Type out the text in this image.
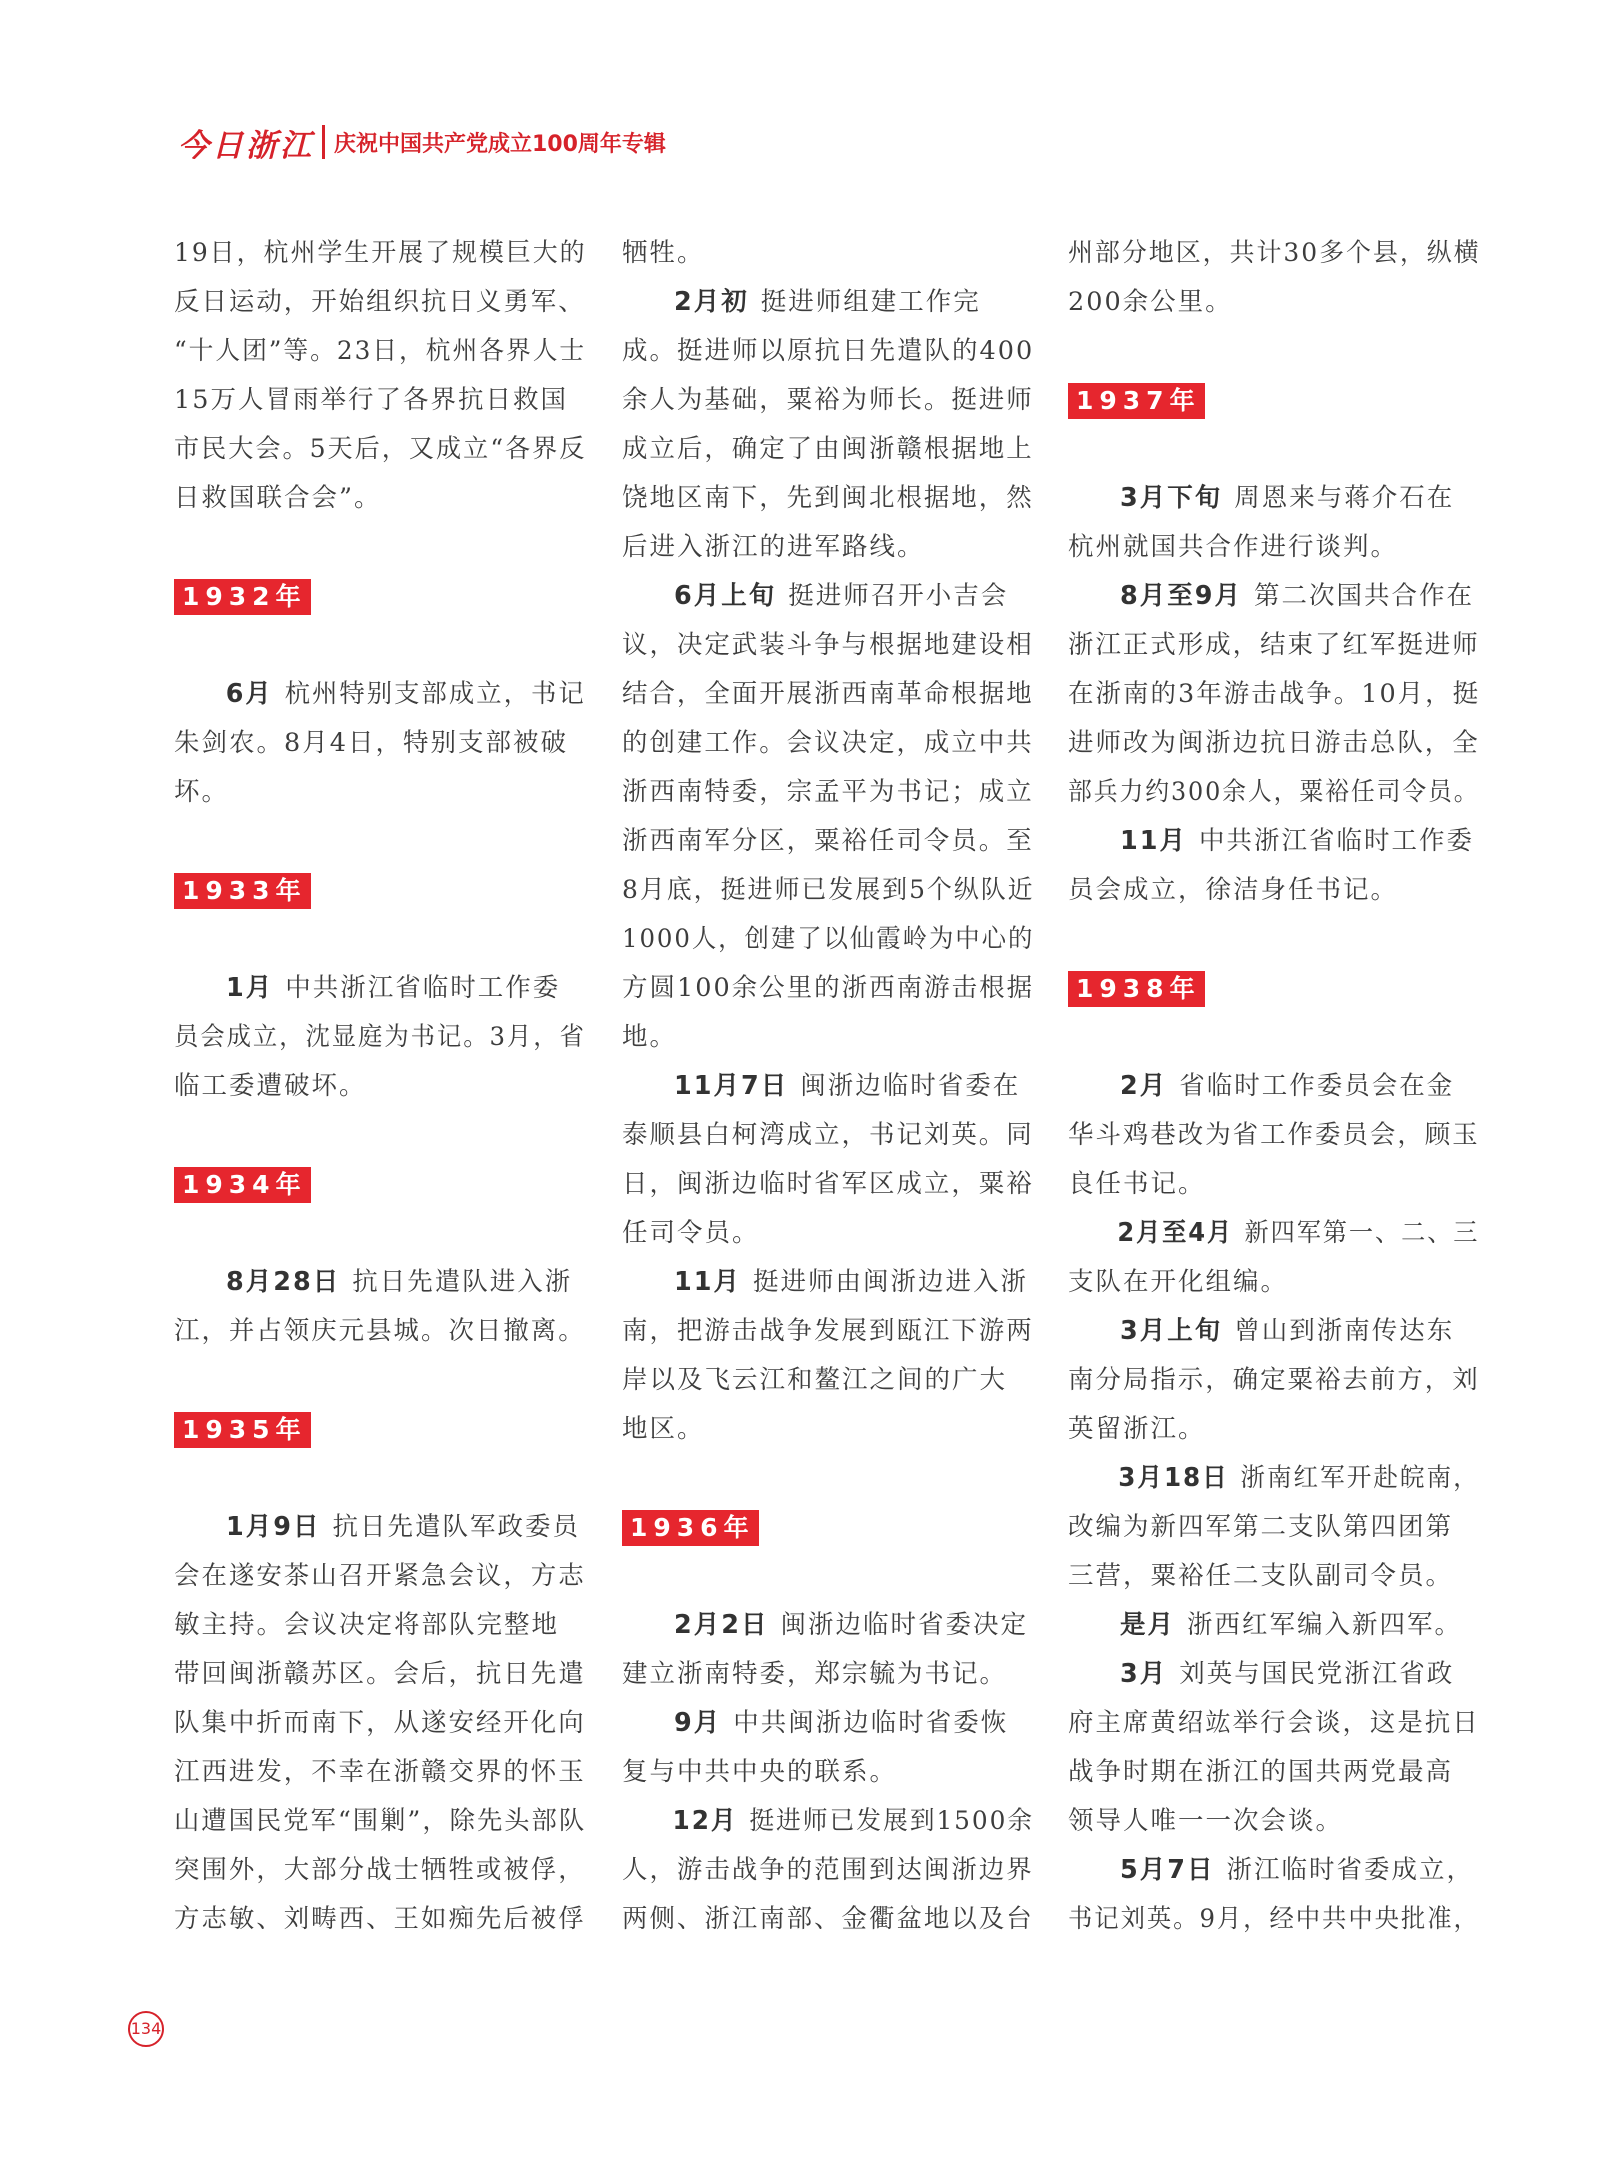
今日浙江 庆祝中国共产党成立100周年专辑
19日，杭州学生开展了规模巨大的
反日运动，开始组织抗日义勇军、
“十人团”等。23日，杭州各界人士
15万人冒雨举行了各界抗日救国
市民大会。5天后，又成立“各界反
日救国联合会”。
1932年
6月 杭州特别支部成立，书记
朱剑农。8月4日，特别支部被破
坏。
1933年
1月 中共浙江省临时工作委
员会成立，沈显庭为书记。3月，省
临工委遭破坏。
1934年
8月28日 抗日先遣队进入浙
江，并占领庆元县城。次日撤离。
1935年
1月9日 抗日先遣队军政委员
会在遂安茶山召开紧急会议，方志
敏主持。会议决定将部队完整地
带回闽浙赣苏区。会后，抗日先遣
队集中折而南下，从遂安经开化向
江西进发，不幸在浙赣交界的怀玉
山遭国民党军“围剿”，除先头部队
突围外，大部分战士牺牲或被俘，
方志敏、刘畴西、王如痴先后被俘
牺牲。
2月初 挺进师组建工作完
成。挺进师以原抗日先遣队的400
余人为基础，粟裕为师长。挺进师
成立后，确定了由闽浙赣根据地上
饶地区南下，先到闽北根据地，然
后进入浙江的进军路线。
6月上旬 挺进师召开小吉会
议，决定武装斗争与根据地建设相
结合，全面开展浙西南革命根据地
的创建工作。会议决定，成立中共
浙西南特委，宗孟平为书记；成立
浙西南军分区，粟裕任司令员。至
8月底，挺进师已发展到5个纵队近
1000人，创建了以仙霞岭为中心的
方圆100余公里的浙西南游击根据
地。
11月7日 闽浙边临时省委在
泰顺县白柯湾成立，书记刘英。同
日，闽浙边临时省军区成立，粟裕
任司令员。
11月 挺进师由闽浙边进入浙
南，把游击战争发展到瓯江下游两
岸以及飞云江和鳌江之间的广大
地区。
1936年
2月2日 闽浙边临时省委决定
建立浙南特委，郑宗毓为书记。
9月 中共闽浙边临时省委恢
复与中共中央的联系。
12月 挺进师已发展到1500余
人，游击战争的范围到达闽浙边界
两侧、浙江南部、金衢盆地以及台
州部分地区，共计30多个县，纵横
200余公里。
1937年
3月下旬 周恩来与蒋介石在
杭州就国共合作进行谈判。
8月至9月 第二次国共合作在
浙江正式形成，结束了红军挺进师
在浙南的3年游击战争。10月，挺
进师改为闽浙边抗日游击总队，全
部兵力约300余人，粟裕任司令员。
11月 中共浙江省临时工作委
员会成立，徐洁身任书记。
1938年
2月 省临时工作委员会在金
华斗鸡巷改为省工作委员会，顾玉
良任书记。
2月至4月 新四军第一、二、三
支队在开化组编。
3月上旬 曾山到浙南传达东
南分局指示，确定粟裕去前方，刘
英留浙江。
3月18日 浙南红军开赴皖南，
改编为新四军第二支队第四团第
三营，粟裕任二支队副司令员。
是月 浙西红军编入新四军。
3月 刘英与国民党浙江省政
府主席黄绍竑举行会谈，这是抗日
战争时期在浙江的国共两党最高
领导人唯一一次会谈。
5月7日 浙江临时省委成立，
书记刘英。9月，经中共中央批准，
134
